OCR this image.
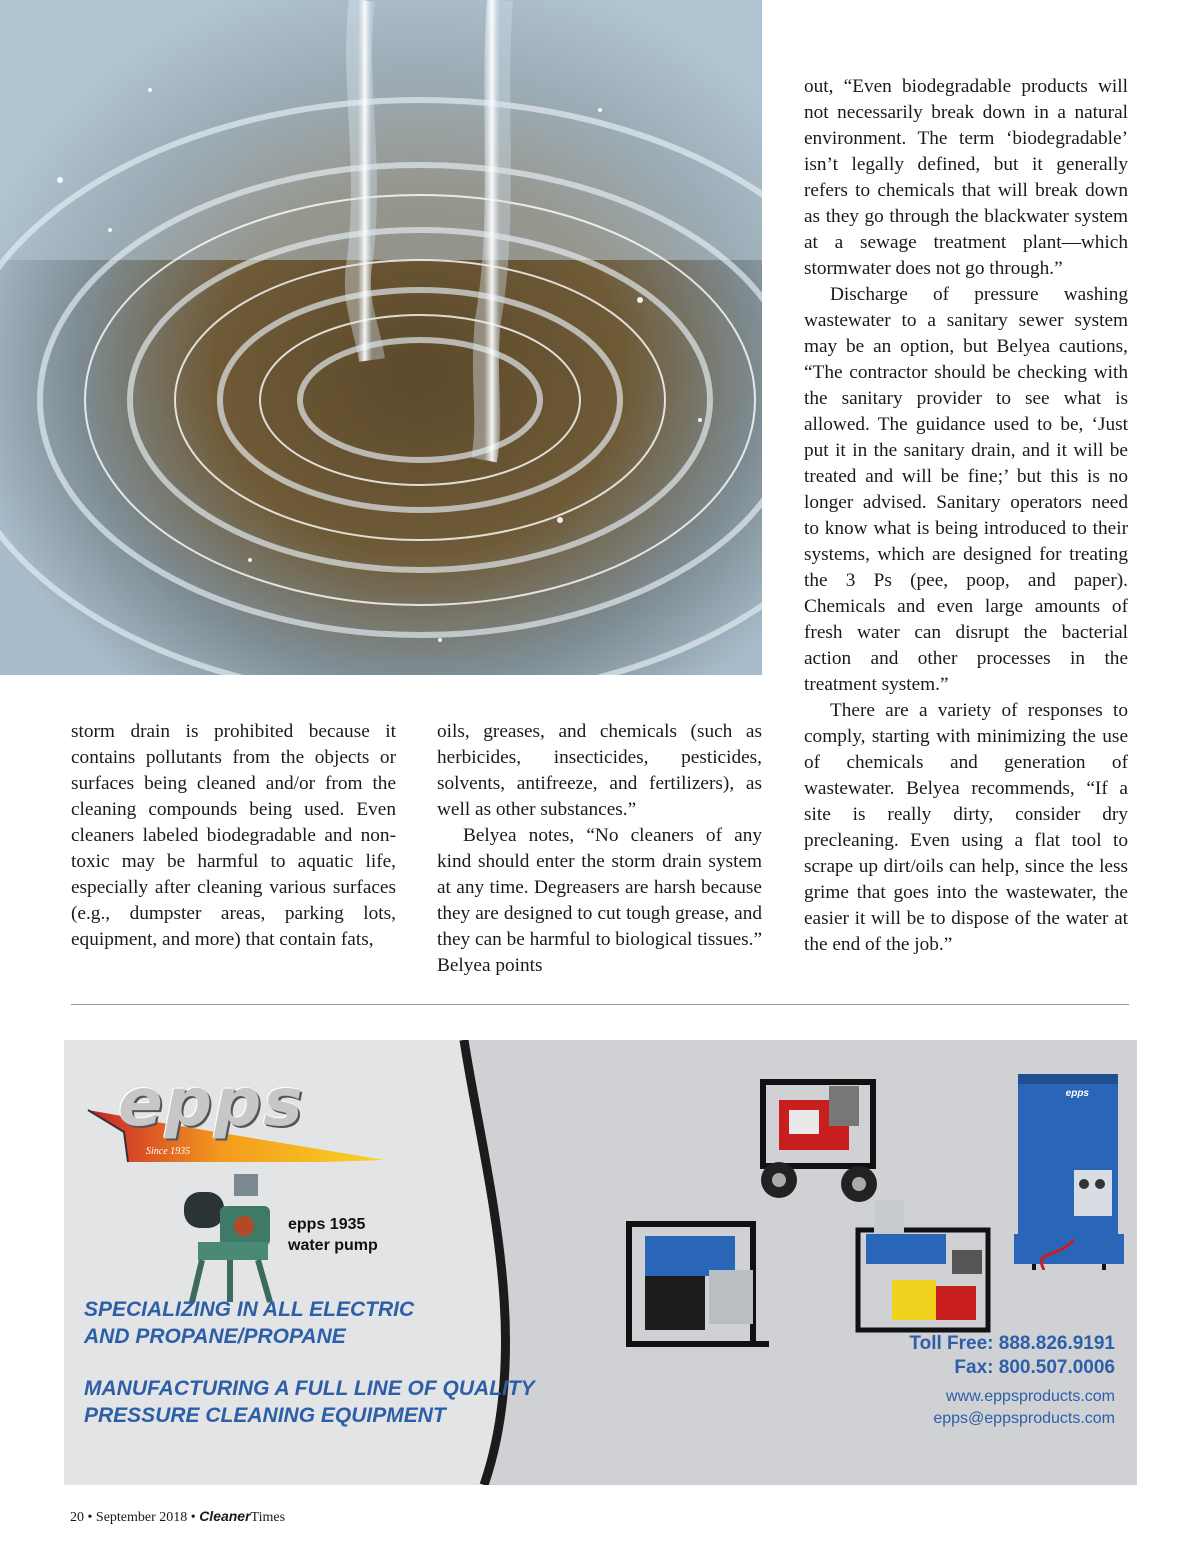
out, “Even biodegradable products will not necessarily break down in a natural environment. The term ‘biodegradable’ isn’t legally defined, but it generally refers to chemicals that will break down as they go through the blackwater system at a sewage treatment plant—which stormwater does not go through.”

Discharge of pressure washing wastewater to a sanitary sewer system may be an option, but Belyea cautions, “The contractor should be checking with the sanitary provider to see what is allowed. The guidance used to be, ‘Just put it in the sanitary drain, and it will be treated and will be fine;’ but this is no longer advised. Sanitary operators need to know what is being introduced to their systems, which are designed for treating the 3 Ps (pee, poop, and paper). Chemicals and even large amounts of fresh water can disrupt the bacterial action and other processes in the treatment system.”

There are a variety of responses to comply, starting with minimizing the use of chemicals and generation of wastewater. Belyea recommends, “If a site is really dirty, consider dry precleaning. Even using a flat tool to scrape up dirt/oils can help, since the less grime that goes into the wastewater, the easier it will be to dispose of the water at the end of the job.”

storm drain is prohibited because it contains pollutants from the objects or surfaces being cleaned and/or from the cleaning compounds being used. Even cleaners labeled biodegradable and non-toxic may be harmful to aquatic life, especially after cleaning various surfaces (e.g., dumpster areas, parking lots, equipment, and more) that contain fats,

oils, greases, and chemicals (such as herbicides, insecticides, pesticides, solvents, antifreeze, and fertilizers), as well as other substances.”

Belyea notes, “No cleaners of any kind should enter the storm drain system at any time. Degreasers are harsh because they are designed to cut tough grease, and they can be harmful to biological tissues.” Belyea points

epps
Since 1935
epps 1935
water pump
SPECIALIZING IN ALL ELECTRIC
AND PROPANE/PROPANE
MANUFACTURING A FULL LINE OF QUALITY
PRESSURE CLEANING EQUIPMENT
epps
Toll Free: 888.826.9191
Fax: 800.507.0006
www.eppsproducts.com
epps@eppsproducts.com
20 • September 2018 • CleanerTimes
